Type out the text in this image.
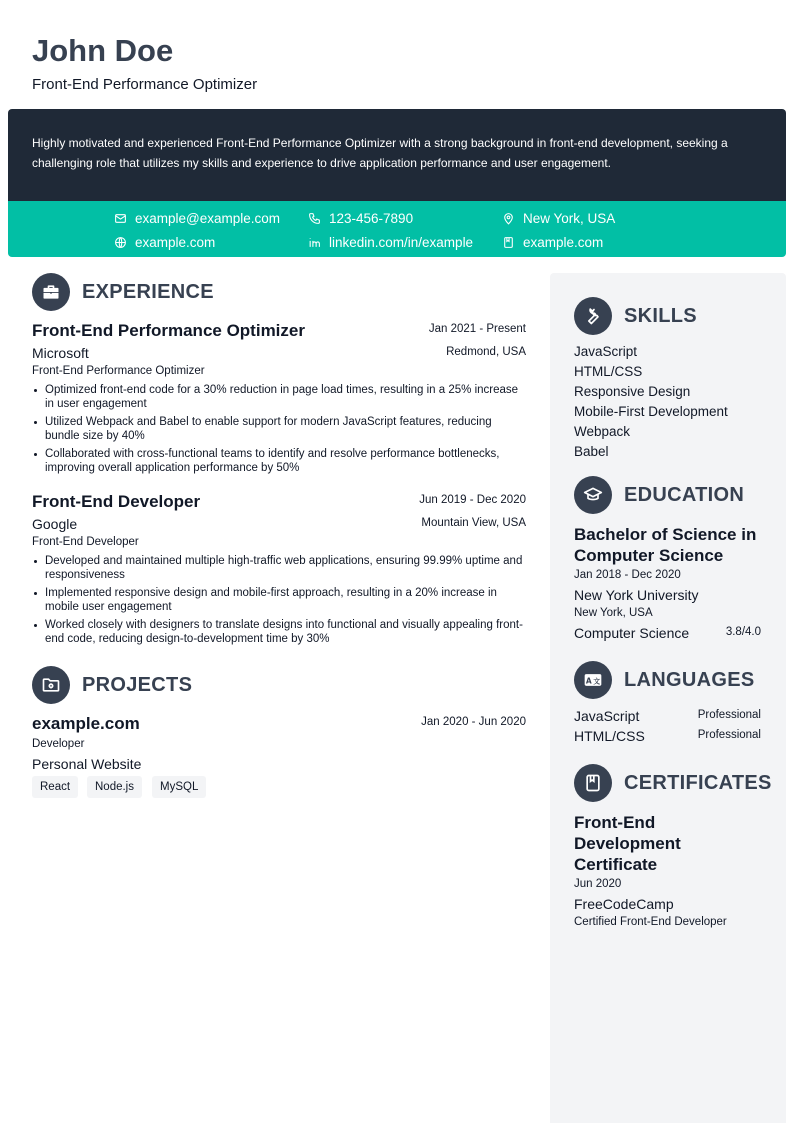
John Doe
Front-End Performance Optimizer
Highly motivated and experienced Front-End Performance Optimizer with a strong background in front-end development, seeking a challenging role that utilizes my skills and experience to drive application performance and user engagement.
example@example.com	123-456-7890	New York, USA
example.com	linkedin.com/in/example	example.com
EXPERIENCE
Front-End Performance Optimizer	Jan 2021 - Present
Microsoft	Redmond, USA
Front-End Performance Optimizer
Optimized front-end code for a 30% reduction in page load times, resulting in a 25% increase in user engagement
Utilized Webpack and Babel to enable support for modern JavaScript features, reducing bundle size by 40%
Collaborated with cross-functional teams to identify and resolve performance bottlenecks, improving overall application performance by 50%
Front-End Developer	Jun 2019 - Dec 2020
Google	Mountain View, USA
Front-End Developer
Developed and maintained multiple high-traffic web applications, ensuring 99.99% uptime and responsiveness
Implemented responsive design and mobile-first approach, resulting in a 20% increase in mobile user engagement
Worked closely with designers to translate designs into functional and visually appealing front-end code, reducing design-to-development time by 30%
PROJECTS
example.com	Jan 2020 - Jun 2020
Developer
Personal Website
React	Node.js	MySQL
SKILLS
JavaScript
HTML/CSS
Responsive Design
Mobile-First Development
Webpack
Babel
EDUCATION
Bachelor of Science in Computer Science
Jan 2018 - Dec 2020
New York University
New York, USA
Computer Science	3.8/4.0
A 文 LANGUAGES
JavaScript	Professional
HTML/CSS	Professional
CERTIFICATES
Front-End Development Certificate
Jun 2020
FreeCodeCamp
Certified Front-End Developer
